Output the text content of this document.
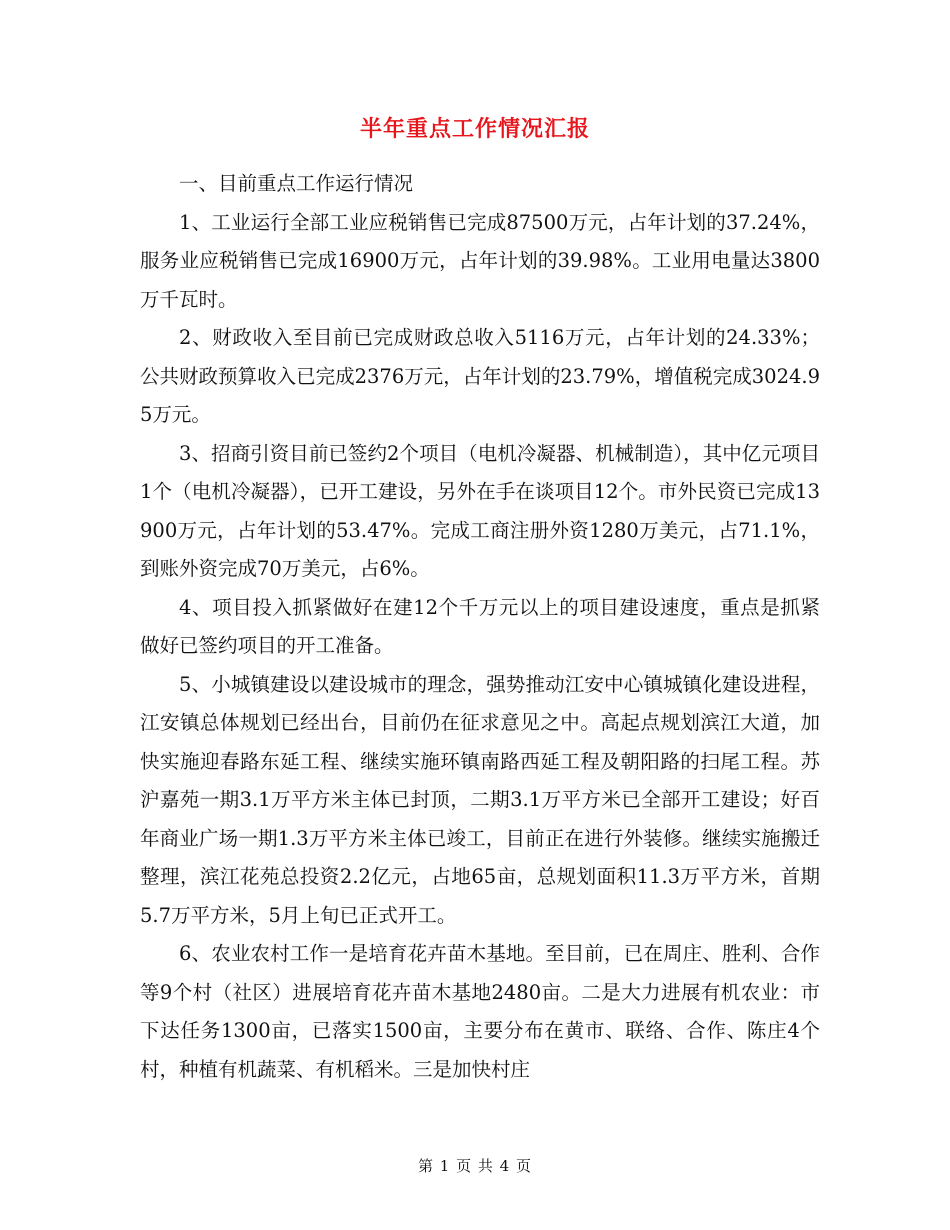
半年重点工作情况汇报

一、目前重点工作运行情况

1、工业运行全部工业应税销售已完成87500万元，占年计划的37.24%，服务业应税销售已完成16900万元，占年计划的39.98%。工业用电量达3800万千瓦时。

2、财政收入至目前已完成财政总收入5116万元，占年计划的24.33%；公共财政预算收入已完成2376万元，占年计划的23.79%，增值税完成3024.95万元。

3、招商引资目前已签约2个项目（电机冷凝器、机械制造），其中亿元项目1个（电机冷凝器），已开工建设，另外在手在谈项目12个。市外民资已完成13900万元，占年计划的53.47%。完成工商注册外资1280万美元，占71.1%，到账外资完成70万美元，占6%。

4、项目投入抓紧做好在建12个千万元以上的项目建设速度，重点是抓紧做好已签约项目的开工准备。

5、小城镇建设以建设城市的理念，强势推动江安中心镇城镇化建设进程，江安镇总体规划已经出台，目前仍在征求意见之中。高起点规划滨江大道，加快实施迎春路东延工程、继续实施环镇南路西延工程及朝阳路的扫尾工程。苏沪嘉苑一期3.1万平方米主体已封顶，二期3.1万平方米已全部开工建设；好百年商业广场一期1.3万平方米主体已竣工，目前正在进行外装修。继续实施搬迁整理，滨江花苑总投资2.2亿元，占地65亩，总规划面积11.3万平方米，首期5.7万平方米，5月上旬已正式开工。

6、农业农村工作一是培育花卉苗木基地。至目前，已在周庄、胜利、合作等9个村（社区）进展培育花卉苗木基地2480亩。二是大力进展有机农业：市下达任务1300亩，已落实1500亩，主要分布在黄市、联络、合作、陈庄4个村，种植有机蔬菜、有机稻米。三是加快村庄

第 1 页 共 4 页
